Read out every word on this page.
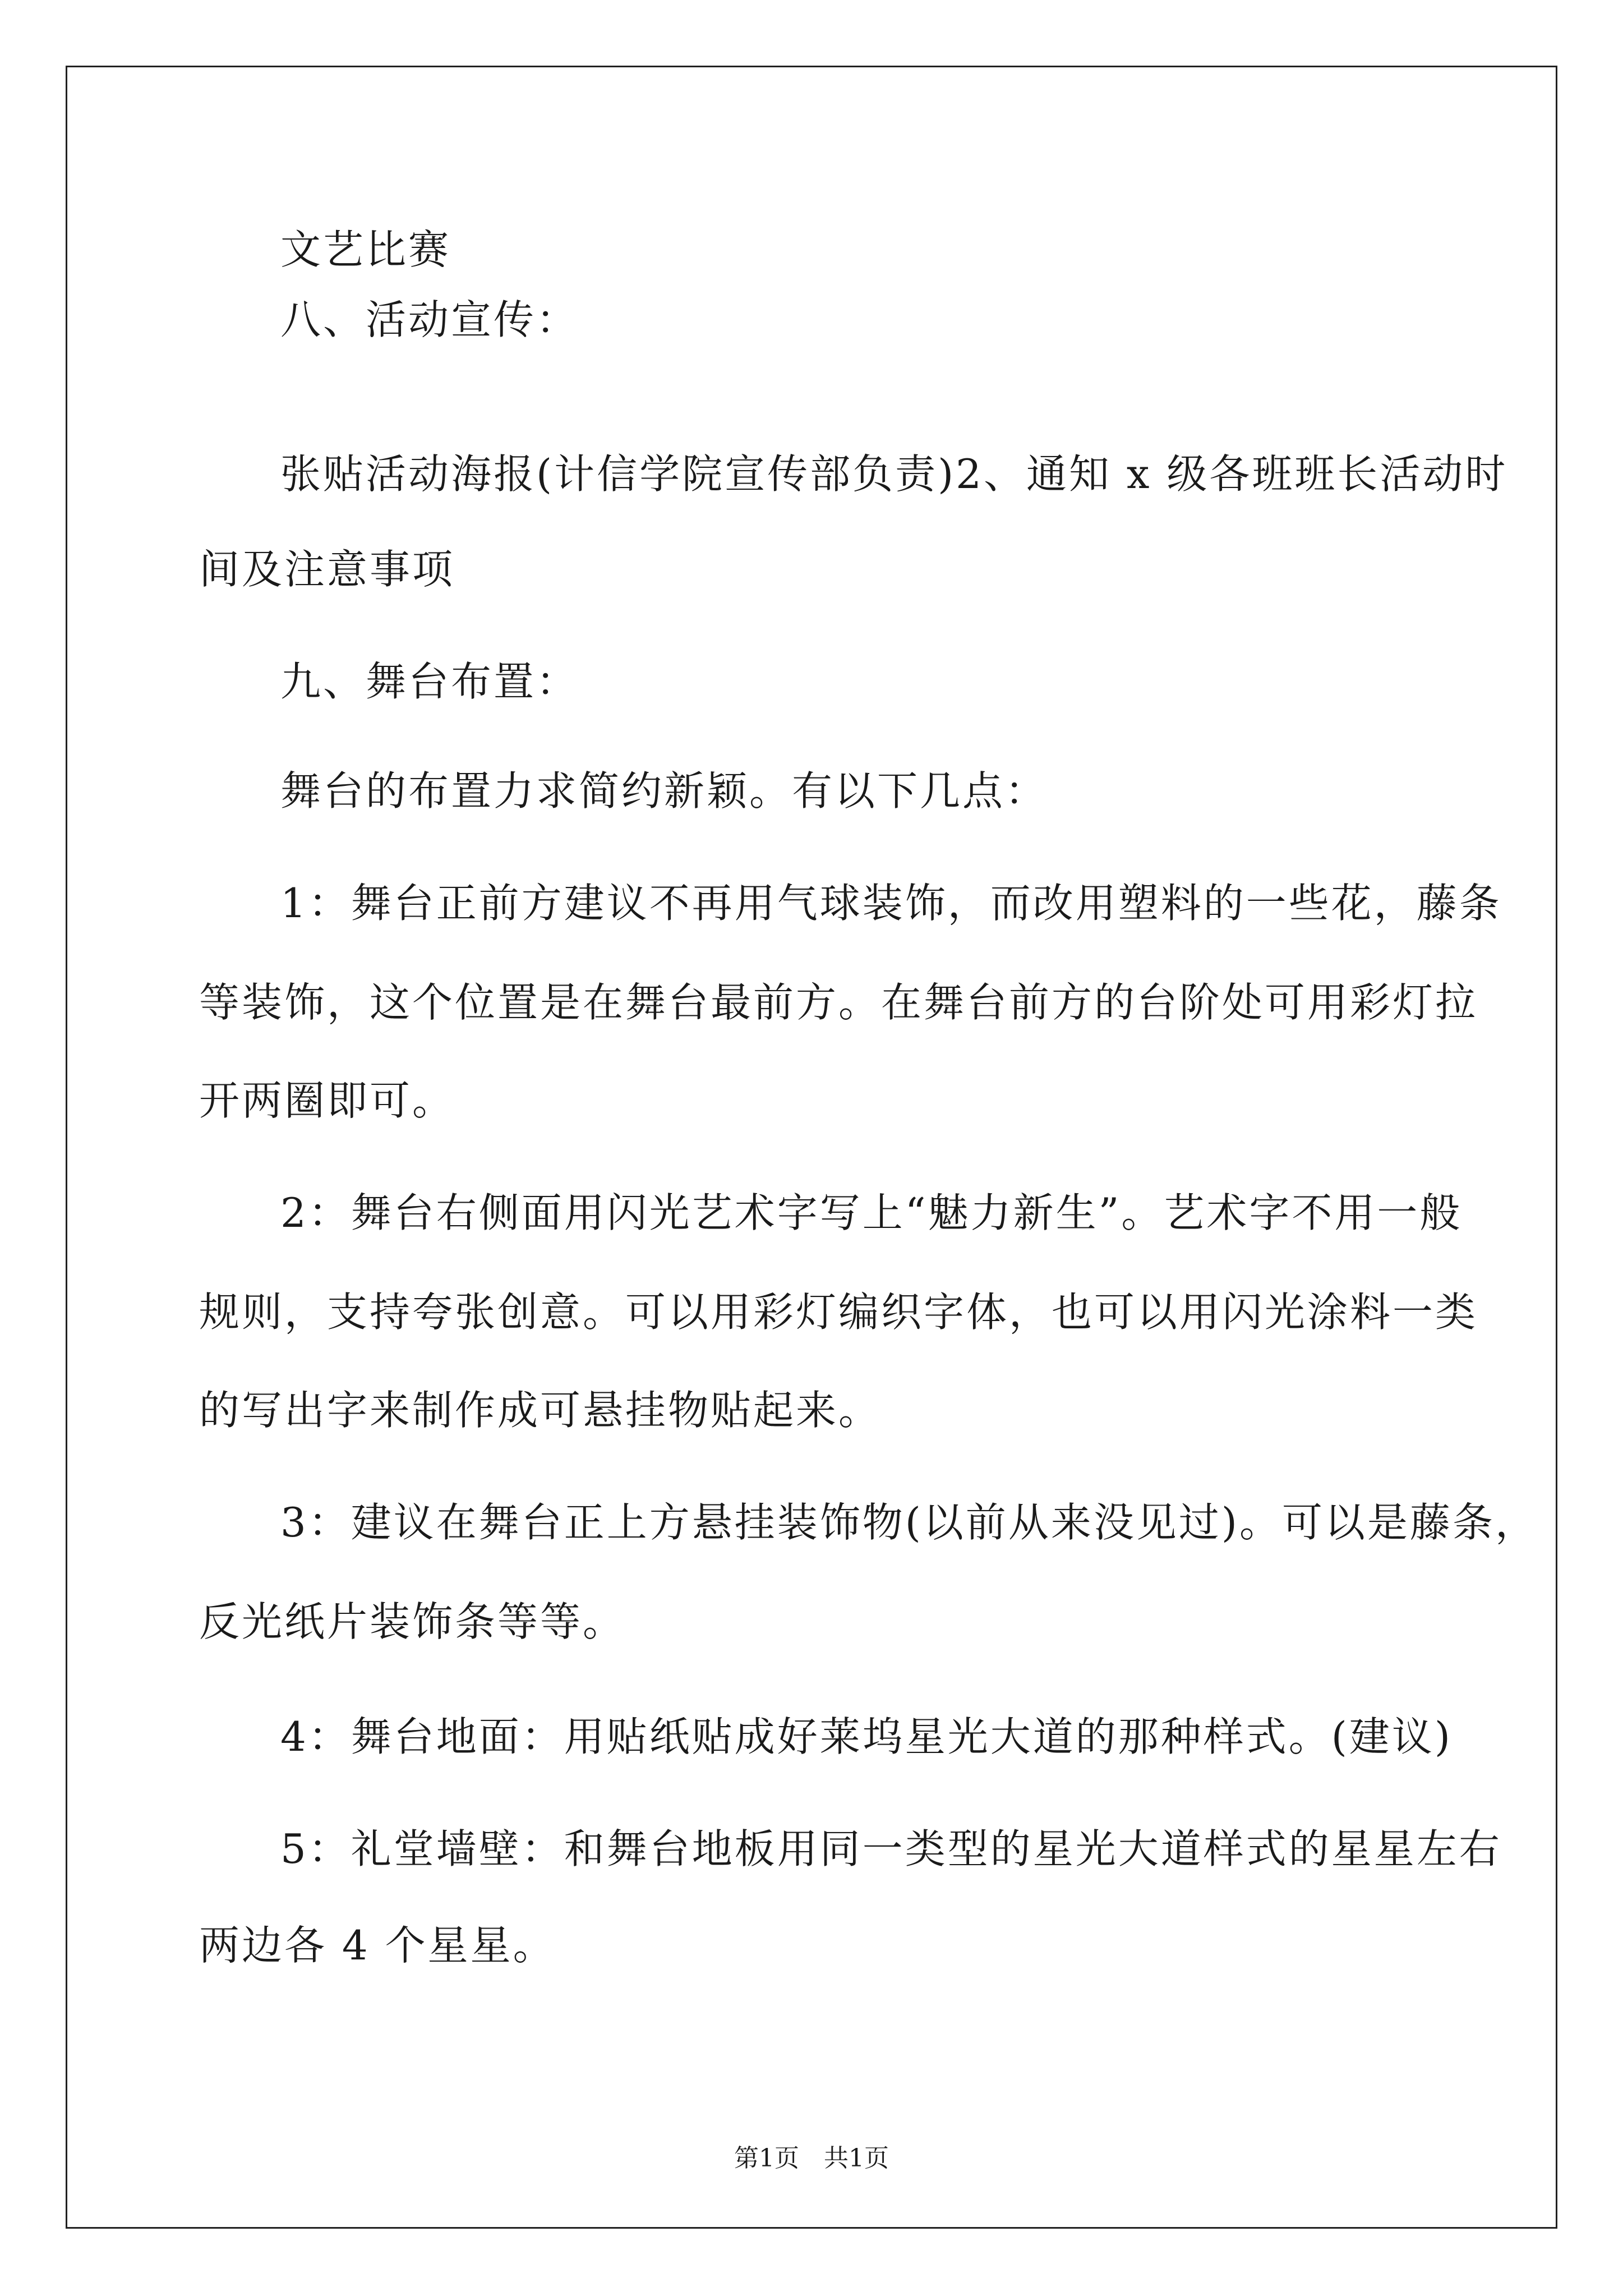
文艺比赛
八、活动宣传：
张贴活动海报(计信学院宣传部负责)2、通知 x 级各班班长活动时
间及注意事项
九、舞台布置：
舞台的布置力求简约新颖。有以下几点：
1：舞台正前方建议不再用气球装饰，而改用塑料的一些花，藤条
等装饰，这个位置是在舞台最前方。在舞台前方的台阶处可用彩灯拉
开两圈即可。
2：舞台右侧面用闪光艺术字写上“魅力新生”。艺术字不用一般
规则，支持夸张创意。可以用彩灯编织字体，也可以用闪光涂料一类
的写出字来制作成可悬挂物贴起来。
3：建议在舞台正上方悬挂装饰物(以前从来没见过)。可以是藤条，
反光纸片装饰条等等。
4：舞台地面：用贴纸贴成好莱坞星光大道的那种样式。(建议)
5：礼堂墙壁：和舞台地板用同一类型的星光大道样式的星星左右
两边各 4 个星星。
第1页　共1页
